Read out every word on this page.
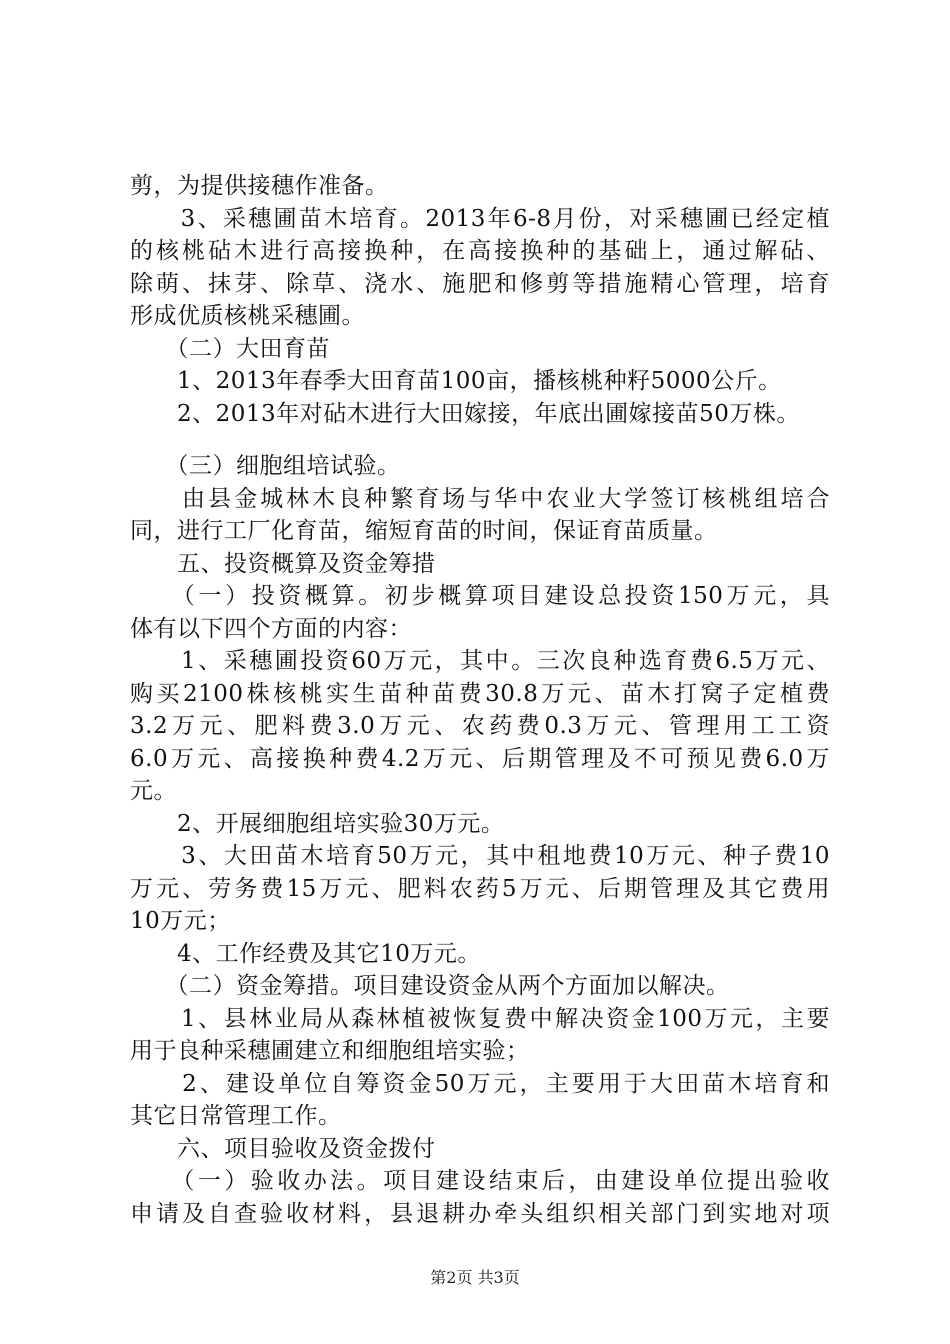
剪，为提供接穗作准备。
　　3、采穗圃苗木培育。2013年6-8月份，对采穗圃已经定植
的核桃砧木进行高接换种，在高接换种的基础上，通过解砧、
除萌、抹芽、除草、浇水、施肥和修剪等措施精心管理，培育
形成优质核桃采穗圃。
　　（二）大田育苗
　　1、2013年春季大田育苗100亩，播核桃种籽5000公斤。
　　2、2013年对砧木进行大田嫁接，年底出圃嫁接苗50万株。
　　（三）细胞组培试验。
　　由县金城林木良种繁育场与华中农业大学签订核桃组培合
同，进行工厂化育苗，缩短育苗的时间，保证育苗质量。
　　五、投资概算及资金筹措
　　（一）投资概算。初步概算项目建设总投资150万元，具
体有以下四个方面的内容：
　　1、采穗圃投资60万元，其中。三次良种选育费6.5万元、
购买2100株核桃实生苗种苗费30.8万元、苗木打窝子定植费
3.2万元、肥料费3.0万元、农药费0.3万元、管理用工工资
6.0万元、高接换种费4.2万元、后期管理及不可预见费6.0万
元。
　　2、开展细胞组培实验30万元。
　　3、大田苗木培育50万元，其中租地费10万元、种子费10
万元、劳务费15万元、肥料农药5万元、后期管理及其它费用
10万元；
　　4、工作经费及其它10万元。
　　（二）资金筹措。项目建设资金从两个方面加以解决。
　　1、县林业局从森林植被恢复费中解决资金100万元，主要
用于良种采穗圃建立和细胞组培实验；
　　2、建设单位自筹资金50万元，主要用于大田苗木培育和
其它日常管理工作。
　　六、项目验收及资金拨付
　　（一）验收办法。项目建设结束后，由建设单位提出验收
申请及自查验收材料，县退耕办牵头组织相关部门到实地对项
第2页 共3页
